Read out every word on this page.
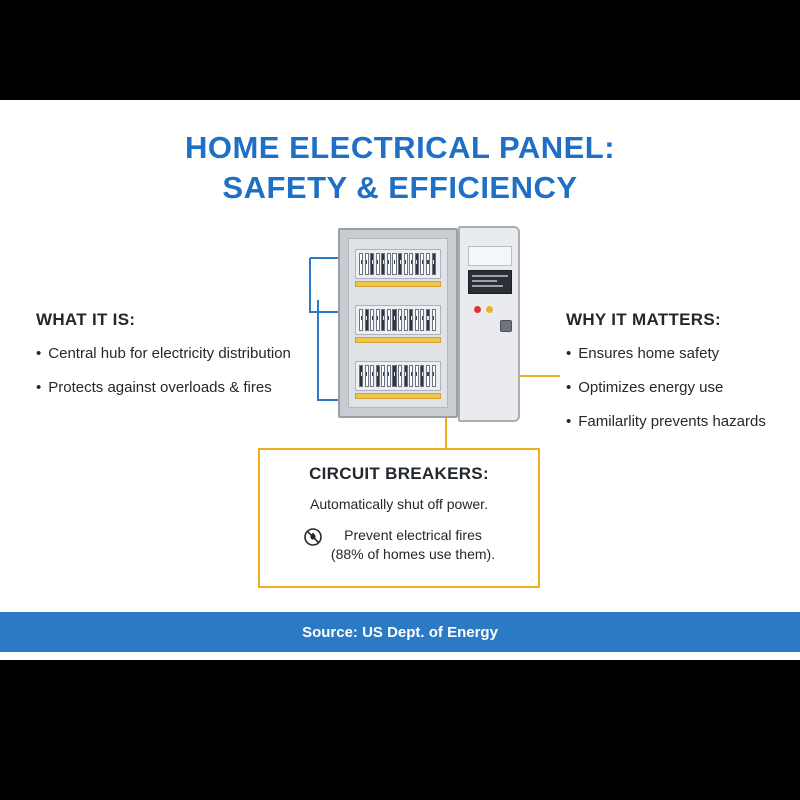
HOME ELECTRICAL PANEL:
SAFETY & EFFICIENCY
WHAT IT IS:
• Central hub for electricity distribution
• Protects against overloads & fires
WHY IT MATTERS:
• Ensures home safety
• Optimizes energy use
• Familarlity prevents hazards
CIRCUIT BREAKERS:
Automatically shut off power.
Prevent electrical fires
(88% of homes use them).
Source: US Dept. of Energy
